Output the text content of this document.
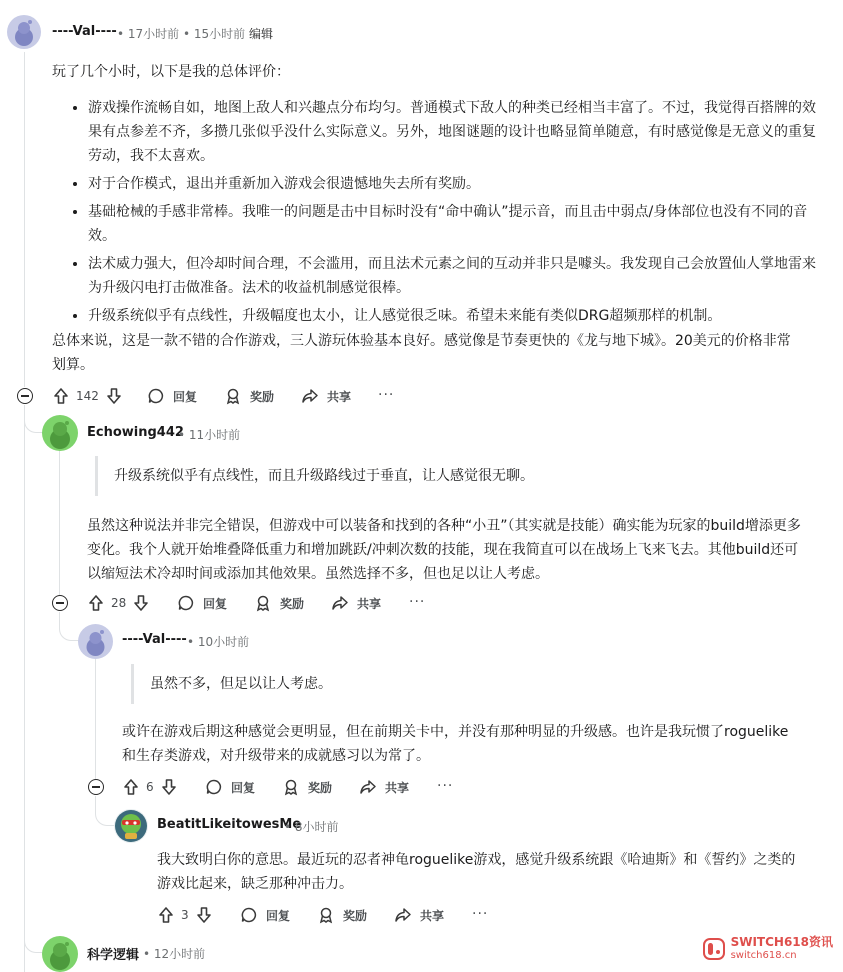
----Val---- • 17小时前 • 15小时前 编辑
玩了几个小时，以下是我的总体评价：
• 游戏操作流畅自如，地图上敌人和兴趣点分布均匀。普通模式下敌人的种类已经相当丰富了。不过，我觉得百搭牌的效果有点参差不齐，多攒几张似乎没什么实际意义。另外，地图谜题的设计也略显简单随意，有时感觉像是无意义的重复劳动，我不太喜欢。
• 对于合作模式，退出并重新加入游戏会很遗憾地失去所有奖励。
• 基础枪械的手感非常棒。我唯一的问题是击中目标时没有“命中确认”提示音，而且击中弱点/身体部位也没有不同的音效。
• 法术威力强大，但冷却时间合理，不会滥用，而且法术元素之间的互动并非只是噱头。我发现自己会放置仙人掌地雷来为升级闪电打击做准备。法术的收益机制感觉很棒。
• 升级系统似乎有点线性，升级幅度也太小，让人感觉很乏味。希望未来能有类似DRG超频那样的机制。
总体来说，这是一款不错的合作游戏，三人游玩体验基本良好。感觉像是节奏更快的《龙与地下城》。20美元的价格非常划算。
142	回复	奖励	共享 ···
Echowing442
• 11小时前
升级系统似乎有点线性，而且升级路线过于垂直，让人感觉很无聊。
虽然这种说法并非完全错误，但游戏中可以装备和找到的各种“小丑”（其实就是技能）确实能为玩家的build增添更多变化。我个人就开始堆叠降低重力和增加跳跃/冲刺次数的技能，现在我简直可以在战场上飞来飞去。其他build还可以缩短法术冷却时间或添加其他效果。虽然选择不多，但也足以让人考虑。
28	回复	奖励	共享 ···
----Val---- • 10小时前
虽然不多，但足以让人考虑。
或许在游戏后期这种感觉会更明显，但在前期关卡中，并没有那种明显的升级感。也许是我玩惯了roguelike和生存类游戏，对升级带来的成就感习以为常了。
6	回复	奖励	共享 ···
BeatitLikeitowesMe
• 8小时前
我大致明白你的意思。最近玩的忍者神龟roguelike游戏，感觉升级系统跟《哈迪斯》和《誓约》之类的游戏比起来，缺乏那种冲击力。
3	回复	奖励	共享 ···
科学逻辑 • 12小时前
SWITCH618资讯
switch618.cn
